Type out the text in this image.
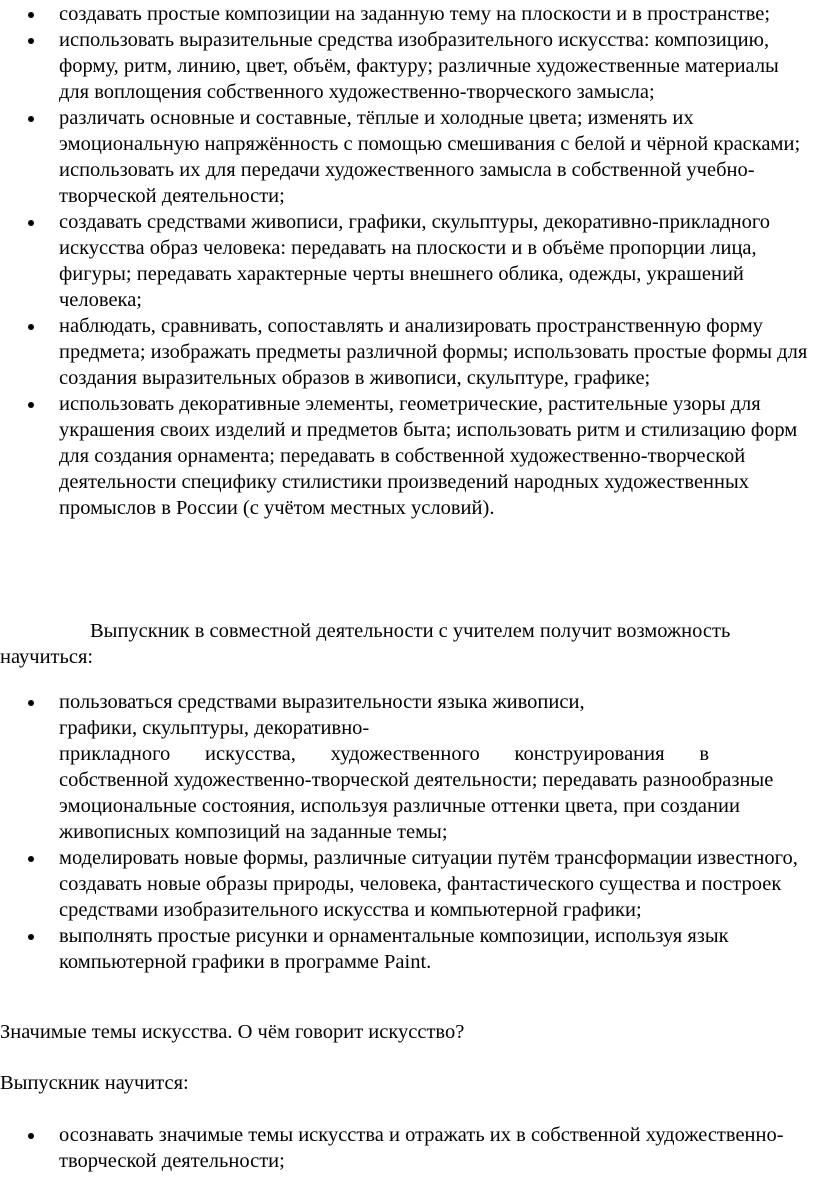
создавать простые композиции на заданную тему на плоскости и в пространстве;
использовать выразительные средства изобразительного искусства: композицию, форму, ритм, линию, цвет, объём, фактуру; различные художественные материалы для воплощения собственного художественно-творческого замысла;
различать основные и составные, тёплые и холодные цвета; изменять их эмоциональную напряжённость с помощью смешивания с белой и чёрной красками; использовать их для передачи художественного замысла в собственной учебно-творческой деятельности;
создавать средствами живописи, графики, скульптуры, декоративно-прикладного искусства образ человека: передавать на плоскости и в объёме пропорции лица, фигуры; передавать характерные черты внешнего облика, одежды, украшений человека;
наблюдать, сравнивать, сопоставлять и анализировать пространственную форму предмета; изображать предметы различной формы; использовать простые формы для создания выразительных образов в живописи, скульптуре, графике;
использовать декоративные элементы, геометрические, растительные узоры для украшения своих изделий и предметов быта; использовать ритм и стилизацию форм для создания орнамента; передавать в собственной художественно-творческой деятельности специфику стилистики произведений народных художественных промыслов в России (с учётом местных условий).

Выпускник в совместной деятельности с учителем получит возможность научиться:

пользоваться средствами выразительности языка живописи,
графики, скульптуры, декоративно-
прикладного искусства, художественного конструирования в
собственной художественно-творческой деятельности; передавать разнообразные эмоциональные состояния, используя различные оттенки цвета, при создании живописных композиций на заданные темы;
моделировать новые формы, различные ситуации путём трансформации известного, создавать новые образы природы, человека, фантастического существа и построек средствами изобразительного искусства и компьютерной графики;
выполнять простые рисунки и орнаментальные композиции, используя язык компьютерной графики в программе Paint.
Значимые темы искусства. О чём говорит искусство?

Выпускник научится:

осознавать значимые темы искусства и отражать их в собственной художественно-творческой деятельности;
